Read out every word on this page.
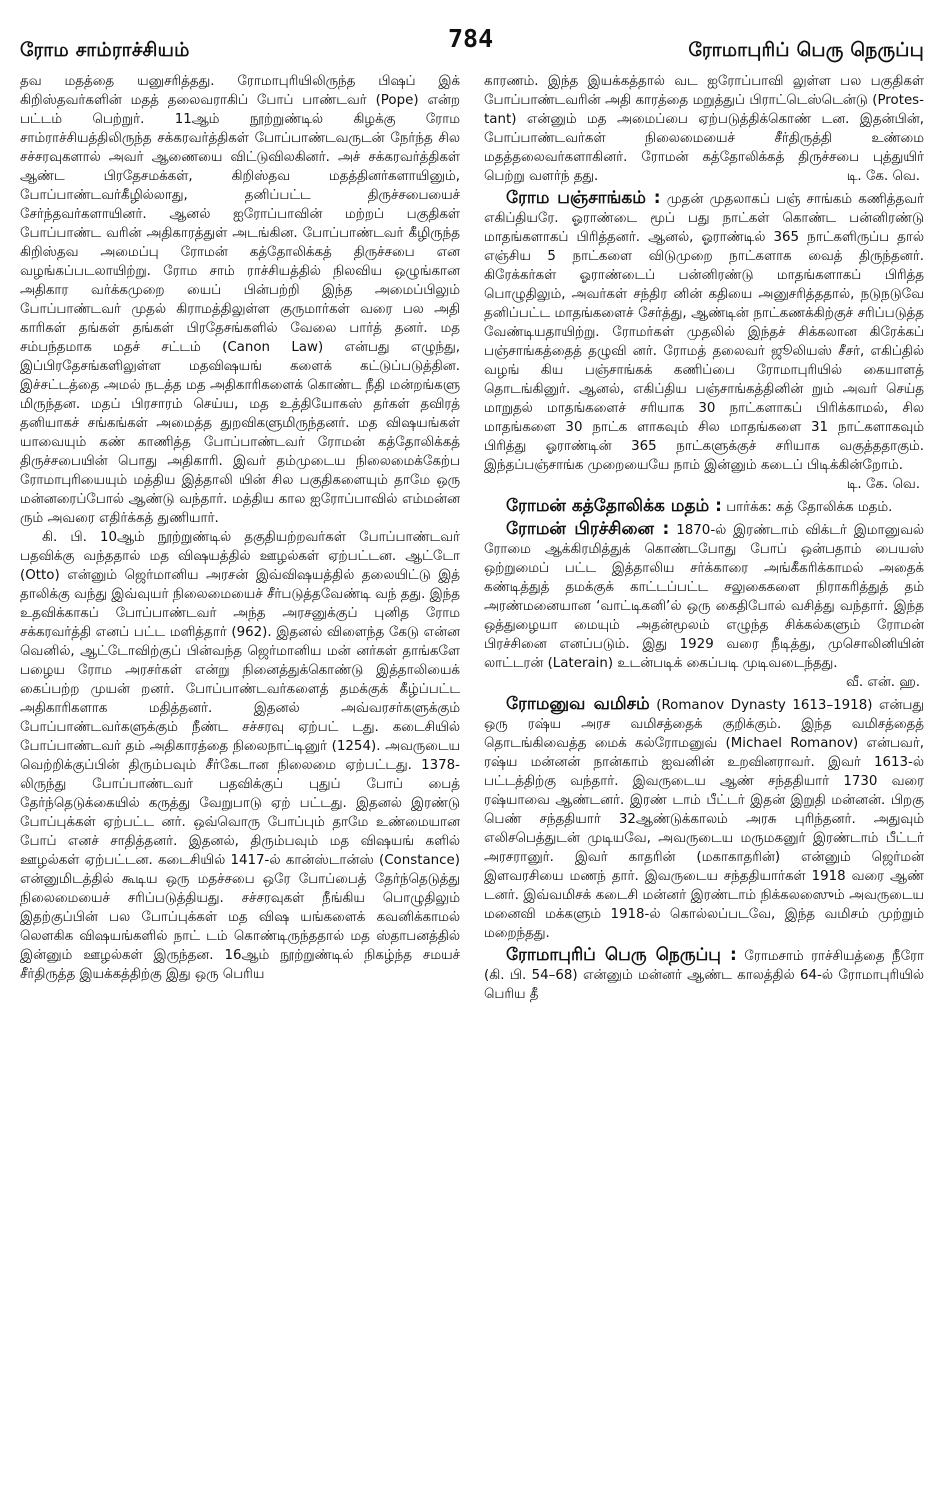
ரோம சாம்ராச்சியம்	784	ரோமாபுரிப் பெரு நெருப்பு

தவ மதத்தை யனுசரித்தது. ரோமாபுரியிலிருந்த பிஷப் இக் கிறிஸ்தவர்களின் மதத் தலைவராகிப் போப் பாண்டவர் (Pope) என்ற பட்டம் பெற்றுர். 11ஆம் நூற்றுண்டில் கிழக்கு ரோம சாம்ராச்சியத்திலிருந்த சக்கரவர்த்திகள் போப்பாண்டவருடன் நேர்ந்த சில சச்சரவுகளால் அவர் ஆணையை விட்டுவிலகினர். அச் சக்கரவர்த்திகள் ஆண்ட பிரதேசமக்கள், கிறிஸ்தவ மதத்தினர்களாயினும், போப்பாண்டவர்கீழில்லாது, தனிப்பட்ட திருச்சபையைச் சேர்ந்தவர்களாயினர். ஆனல் ஐரோப்பாவின் மற்றப் பகுதிகள் போப்பாண்ட வரின் அதிகாரத்துள் அடங்கின. போப்பாண்டவர் கீழிருந்த கிறிஸ்தவ அமைப்பு ரோமன் கத்தோலிக்கத் திருச்சபை என வழங்கப்படலாயிற்று. ரோம சாம் ராச்சியத்தில் நிலவிய ஒழுங்கான அதிகார வர்க்கமுறை யைப் பின்பற்றி இந்த அமைப்பிலும் போப்பாண்டவர் முதல் கிராமத்திலுள்ள குருமார்கள் வரை பல அதி காரிகள் தங்கள் தங்கள் பிரதேசங்களில் வேலை பார்த் தனர். மத சம்பந்தமாக மதச் சட்டம் (Canon Law) என்பது எழுந்து, இப்பிரதேசங்களிலுள்ள மதவிஷயங் களைக் கட்டுப்படுத்தின. இச்சட்டத்தை அமல் நடத்த மத அதிகாரிகளைக் கொண்ட நீதி மன்றங்களு மிருந்தன. மதப் பிரசாரம் செய்ய, மத உத்தியோகஸ் தர்கள் தவிரத் தனியாகச் சங்கங்கள் அமைத்த துறவிகளுமிருந்தனர். மத விஷயங்கள் யாவையும் கண் காணித்த போப்பாண்டவர் ரோமன் கத்தோலிக்கத் திருச்சபையின் பொது அதிகாரி. இவர் தம்முடைய நிலைமைக்கேற்ப ரோமாபுரியையும் மத்திய இத்தாலி யின் சில பகுதிகளையும் தாமே ஒரு மன்னரைப்போல் ஆண்டு வந்தார். மத்திய கால ஐரோப்பாவில் எம்மன்ன ரும் அவரை எதிர்க்கத் துணியார்.

கி. பி. 10ஆம் நூற்றுண்டில் தகுதியற்றவர்கள் போப்பாண்டவர் பதவிக்கு வந்ததால் மத விஷயத்தில் ஊழல்கள் ஏற்பட்டன. ஆட்டோ (Otto) என்னும் ஜெர்மானிய அரசன் இவ்விஷயத்தில் தலையிட்டு இத் தாலிக்கு வந்து இவ்வுயர் நிலைமையைச் சீர்படுத்தவேண்டி வந் தது. இந்த உதவிக்காகப் போப்பாண்டவர் அந்த அரசனுக்குப் புனித ரோம சக்கரவர்த்தி எனப் பட்ட மளித்தார் (962). இதனல் விளைந்த கேடு என்ன வெனில், ஆட்டோவிற்குப் பின்வந்த ஜெர்மானிய மன் னர்கள் தாங்களே பழைய ரோம அரசர்கள் என்று நினைத்துக்கொண்டு இத்தாலியைக் கைப்பற்ற முயன் றனர். போப்பாண்டவர்களைத் தமக்குக் கீழ்ப்பட்ட அதிகாரிகளாக மதித்தனர். இதனல் அவ்வரசர்களுக்கும் போப்பாண்டவர்களுக்கும் நீண்ட சச்சரவு ஏற்பட் டது. கடைசியில் போப்பாண்டவர் தம் அதிகாரத்தை நிலைநாட்டினுர் (1254). அவருடைய வெற்றிக்குப்பின் திரும்பவும் சீர்கேடான நிலைமை ஏற்பட்டது. 1378- லிருந்து போப்பாண்டவர் பதவிக்குப் புதுப் போப் பைத் தேர்ந்தெடுக்கையில் கருத்து வேறுபாடு ஏற் பட்டது. இதனல் இரண்டு போப்புக்கள் ஏற்பட்ட னர். ஒவ்வொரு போப்பும் தாமே உண்மையான போப் எனச் சாதித்தனர். இதனல், திரும்பவும் மத விஷயங் களில் ஊழல்கள் ஏற்பட்டன. கடைசியில் 1417-ல் கான்ஸ்டான்ஸ் (Constance) என்னுமிடத்தில் கூடிய ஒரு மதச்சபை ஒரே போப்பைத் தேர்ந்தெடுத்து நிலைமையைச் சரிப்படுத்தியது. சச்சரவுகள் நீங்கிய பொழுதிலும் இதற்குப்பின் பல போப்புக்கள் மத விஷ யங்களைக் கவனிக்காமல் லௌகிக விஷயங்களில் நாட் டம் கொண்டிருந்ததால் மத ஸ்தாபனத்தில் இன்னும் ஊழல்கள் இருந்தன. 16ஆம் நூற்றுண்டில் நிகழ்ந்த சமயச் சீர்திருத்த இயக்கத்திற்கு இது ஒரு பெரிய

காரணம். இந்த இயக்கத்தால் வட ஐரோப்பாவி லுள்ள பல பகுதிகள் போப்பாண்டவரின் அதி காரத்தை மறுத்துப் பிராட்டெஸ்டென்டு (Protes- tant) என்னும் மத அமைப்பை ஏற்படுத்திக்கொண் டன. இதன்பின், போப்பாண்டவர்கள் நிலைமையைச் சீர்திருத்தி உண்மை மதத்தலைவர்களாகினர். ரோமன் கத்தோலிக்கத் திருச்சபை புத்துயிர் பெற்று வளர்ந் தது.	டி. கே. வெ.

ரோம பஞ்சாங்கம் : முதன் முதலாகப் பஞ் சாங்கம் கணித்தவர் எகிப்தியரே. ஓராண்டை மூப் பது நாட்கள் கொண்ட பன்னிரண்டு மாதங்களாகப் பிரித்தனர். ஆனல், ஓராண்டில் 365 நாட்களிருப்ப தால் எஞ்சிய 5 நாட்களை விடுமுறை நாட்களாக வைத் திருந்தனர். கிரேக்கர்கள் ஓராண்டைப் பன்னிரண்டு மாதங்களாகப் பிரித்த பொழுதிலும், அவர்கள் சந்திர னின் கதியை அனுசரித்ததால், நடுநடுவே தனிப்பட்ட மாதங்களைச் சேர்த்து, ஆண்டின் நாட்கணக்கிற்குச் சரிப்படுத்த வேண்டியதாயிற்று. ரோமர்கள் முதலில் இந்தச் சிக்கலான கிரேக்கப் பஞ்சாங்கத்தைத் தழுவி னர். ரோமத் தலைவர் ஜூலியஸ் சீசர், எகிப்தில் வழங் கிய பஞ்சாங்கக் கணிப்பை ரோமாபுரியில் கையாளத் தொடங்கினுர். ஆனல், எகிப்திய பஞ்சாங்கத்தினின் றும் அவர் செய்த மாறுதல் மாதங்களைச் சரியாக 30 நாட்களாகப் பிரிக்காமல், சில மாதங்களை 30 நாட்க ளாகவும் சில மாதங்களை 31 நாட்களாகவும் பிரித்து ஓராண்டின் 365 நாட்களுக்குச் சரியாக வகுத்ததாகும். இந்தப்பஞ்சாங்க முறையையே நாம் இன்னும் கடைப் பிடிக்கின்றோம்.
டி. கே. வெ.

ரோமன் கத்தோலிக்க மதம் : பார்க்க: கத் தோலிக்க மதம்.

ரோமன் பிரச்சினை : 1870-ல் இரண்டாம் விக்டர் இமானுவல் ரோமை ஆக்கிரமித்துக் கொண்டபோது போப் ஒன்பதாம் பையஸ் ஒற்றுமைப் பட்ட இத்தாலிய சர்க்காரை அங்கீகரிக்காமல் அதைக் கண்டித்துத் தமக்குக் காட்டப்பட்ட சலுகைகளை நிராகரித்துத் தம் அரண்மனையான ‘வாட்டிகனி’ல் ஒரு கைதிபோல் வசித்து வந்தார். இந்த ஒத்துழையா மையும் அதன்மூலம் எழுந்த சிக்கல்களும் ரோமன் பிரச்சினை எனப்படும். இது 1929 வரை நீடித்து, முசொலினியின் லாட்டரன் (Laterain) உடன்படிக் கைப்படி முடிவடைந்தது.
வீ. என். ஹ.

ரோமனுவ வமிசம் (Romanov Dynasty 1613–1918) என்பது ஒரு ரஷ்ய அரச வமிசத்தைக் குறிக்கும். இந்த வமிசத்தைத் தொடங்கிவைத்த மைக் கல்ரோமனுவ் (Michael Romanov) என்பவர், ரஷ்ய மன்னன் நான்காம் ஐவனின் உறவினராவர். இவர் 1613-ல் பட்டத்திற்கு வந்தார். இவருடைய ஆண் சந்ததியார் 1730 வரை ரஷ்யாவை ஆண்டனர். இரண் டாம் பீட்டர் இதன் இறுதி மன்னன். பிறகு பெண் சந்ததியார் 32ஆண்டுக்காலம் அரசு புரிந்தனர். அதுவும் எலிசபெத்துடன் முடியவே, அவருடைய மருமகனுர் இரண்டாம் பீட்டர் அரசரானுர். இவர் காதரின் (மகாகாதரின்) என்னும் ஜெர்மன் இளவரசியை மணந் தார். இவருடைய சந்ததியார்கள் 1918 வரை ஆண் டனர். இவ்வமிசக் கடைசி மன்னர் இரண்டாம் நிக்கலஸுைம் அவருடைய மனைவி மக்களும் 1918-ல் கொல்லப்படவே, இந்த வமிசம் முற்றும் மறைந்தது.

ரோமாபுரிப் பெரு நெருப்பு : ரோமசாம் ராச்சியத்தை நீரோ (கி. பி. 54–68) என்னும் மன்னர் ஆண்ட காலத்தில் 64-ல் ரோமாபுரியில் பெரிய தீ
